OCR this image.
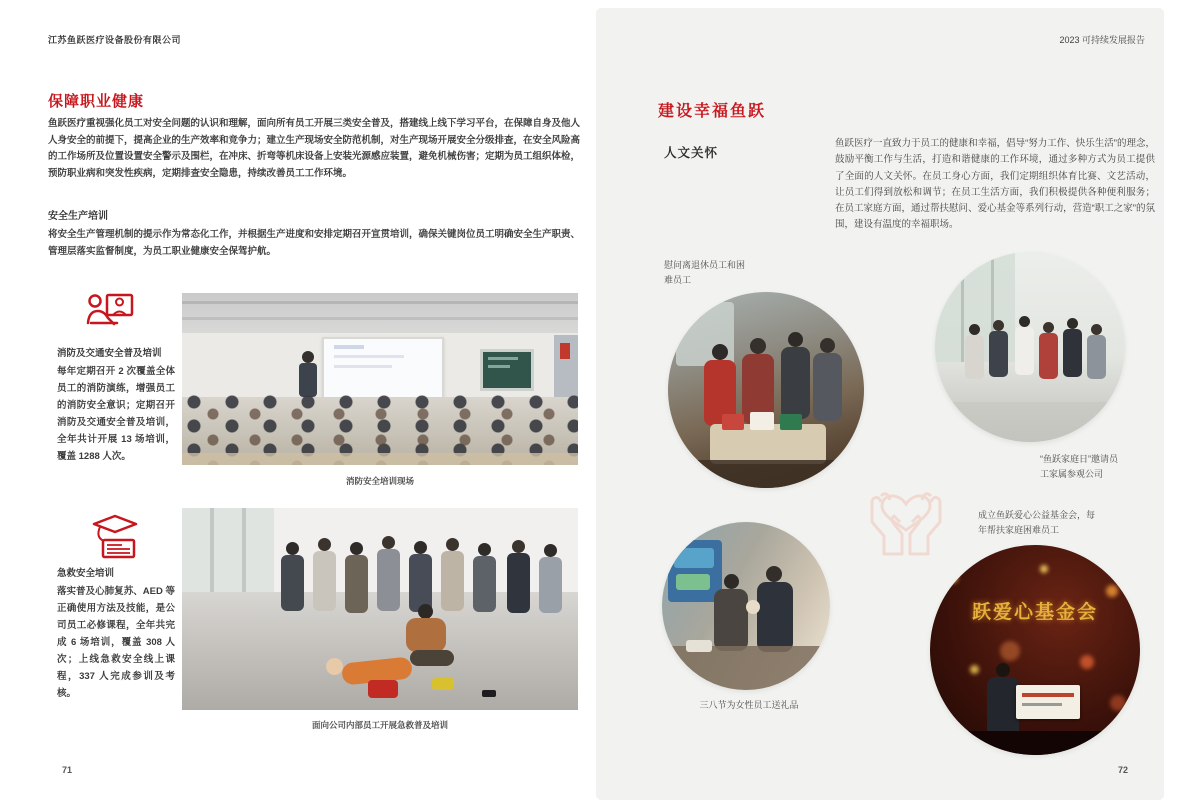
江苏鱼跃医疗设备股份有限公司
保障职业健康
鱼跃医疗重视强化员工对安全问题的认识和理解，面向所有员工开展三类安全普及，搭建线上线下学习平台，在保障自身及他人人身安全的前提下，提高企业的生产效率和竞争力；建立生产现场安全防范机制，对生产现场开展安全分级排查，在安全风险高的工作场所及位置设置安全警示及围栏，在冲床、折弯等机床设备上安装光源感应装置，避免机械伤害；定期为员工组织体检，预防职业病和突发性疾病，定期排查安全隐患，持续改善员工工作环境。
安全生产培训
将安全生产管理机制的提示作为常态化工作，并根据生产进度和安排定期召开宣贯培训，确保关键岗位员工明确安全生产职责、管理层落实监督制度，为员工职业健康安全保驾护航。
消防及交通安全普及培训
每年定期召开 2 次覆盖全体员工的消防演练，增强员工的消防安全意识；定期召开消防及交通安全普及培训，全年共计开展 13 场培训，覆盖 1288 人次。
消防安全培训现场
急救安全培训
落实普及心肺复苏、AED 等正确使用方法及技能，是公司员工必修课程，全年共完成 6 场培训，覆盖 308 人次；上线急救安全线上课程，337 人完成参训及考核。
面向公司内部员工开展急救普及培训
71
2023 可持续发展报告
建设幸福鱼跃
人文关怀
鱼跃医疗一直致力于员工的健康和幸福，倡导“努力工作、快乐生活”的理念，鼓励平衡工作与生活，打造和谐健康的工作环境，通过多种方式为员工提供了全面的人文关怀。在员工身心方面，我们定期组织体育比赛、文艺活动，让员工们得到放松和调节；在员工生活方面，我们积极提供各种便利服务；在员工家庭方面，通过帮扶慰问、爱心基金等系列行动，营造“职工之家”的氛围，建设有温度的幸福职场。
慰问离退休员工和困难员工
“鱼跃家庭日”邀请员工家属参观公司
成立鱼跃爱心公益基金会，每年帮扶家庭困难员工
三八节为女性员工送礼品
跃爱心基金会
72
